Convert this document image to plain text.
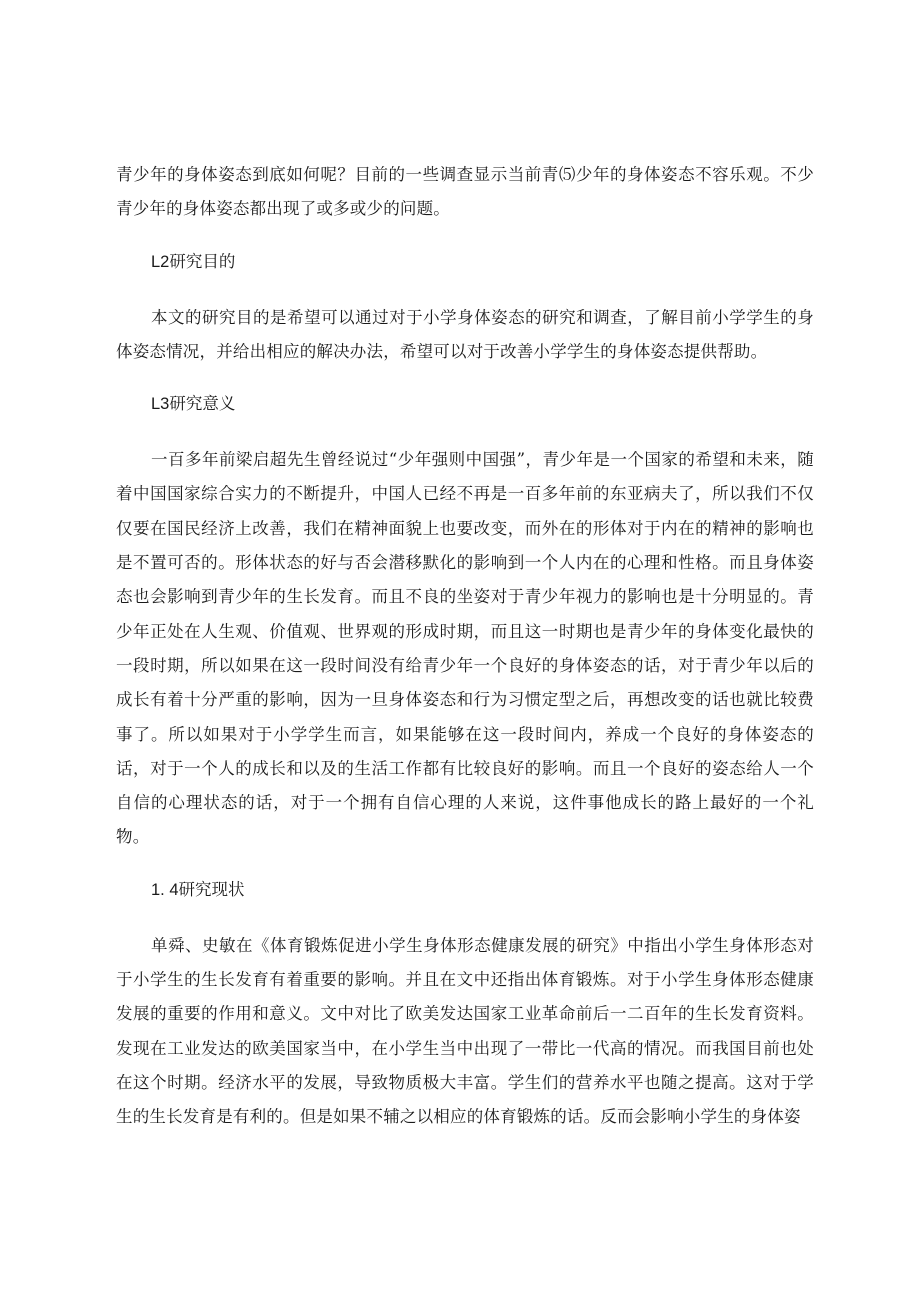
青少年的身体姿态到底如何呢？目前的一些调查显示当前青⑸少年的身体姿态不容乐观。不少青少年的身体姿态都出现了或多或少的问题。

L2研究目的

本文的研究目的是希望可以通过对于小学身体姿态的研究和调查，了解目前小学学生的身体姿态情况，并给出相应的解决办法，希望可以对于改善小学学生的身体姿态提供帮助。

L3研究意义

一百多年前梁启超先生曾经说过“少年强则中国强”，青少年是一个国家的希望和未来，随着中国国家综合实力的不断提升，中国人已经不再是一百多年前的东亚病夫了，所以我们不仅仅要在国民经济上改善，我们在精神面貌上也要改变，而外在的形体对于内在的精神的影响也是不置可否的。形体状态的好与否会潜移默化的影响到一个人内在的心理和性格。而且身体姿态也会影响到青少年的生长发育。而且不良的坐姿对于青少年视力的影响也是十分明显的。青少年正处在人生观、价值观、世界观的形成时期，而且这一时期也是青少年的身体变化最快的一段时期，所以如果在这一段时间没有给青少年一个良好的身体姿态的话，对于青少年以后的成长有着十分严重的影响，因为一旦身体姿态和行为习惯定型之后，再想改变的话也就比较费事了。所以如果对于小学学生而言，如果能够在这一段时间内，养成一个良好的身体姿态的话，对于一个人的成长和以及的生活工作都有比较良好的影响。而且一个良好的姿态给人一个自信的心理状态的话，对于一个拥有自信心理的人来说，这件事他成长的路上最好的一个礼物。

1. 4研究现状

单舜、史敏在《体育锻炼促进小学生身体形态健康发展的研究》中指出小学生身体形态对于小学生的生长发育有着重要的影响。并且在文中还指出体育锻炼。对于小学生身体形态健康发展的重要的作用和意义。文中对比了欧美发达国家工业革命前后一二百年的生长发育资料。发现在工业发达的欧美国家当中，在小学生当中出现了一带比一代高的情况。而我国目前也处在这个时期。经济水平的发展，导致物质极大丰富。学生们的营养水平也随之提高。这对于学生的生长发育是有利的。但是如果不辅之以相应的体育锻炼的话。反而会影响小学生的身体姿
